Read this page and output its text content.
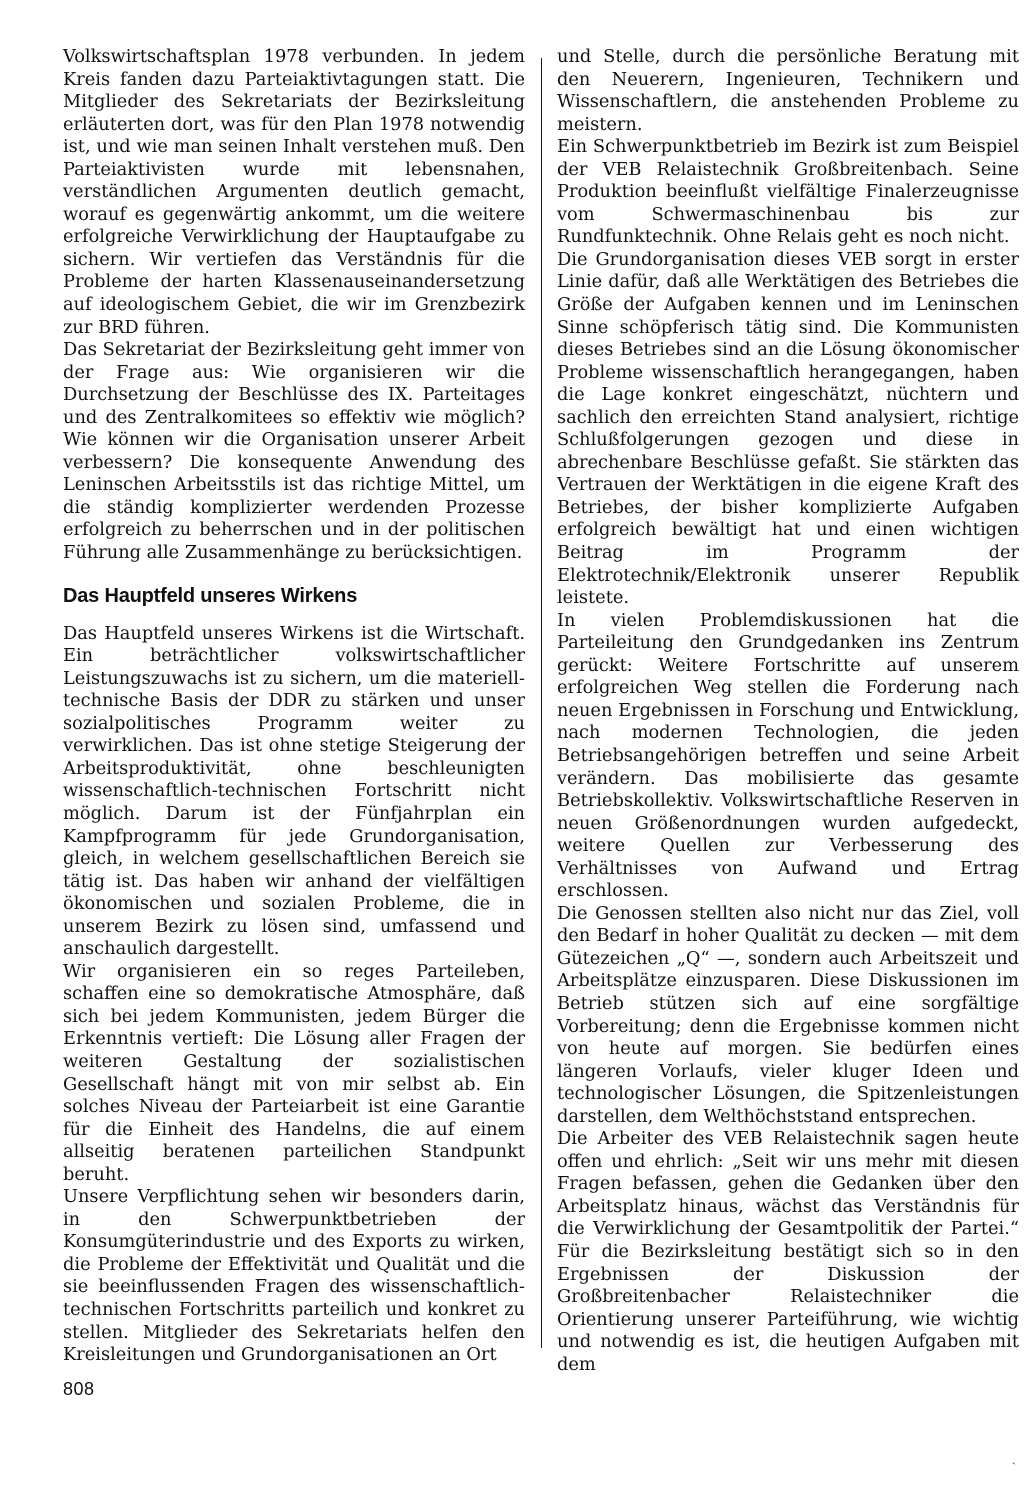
Volkswirtschaftsplan 1978 verbunden. In jedem Kreis fanden dazu Parteiaktivtagungen statt. Die Mitglieder des Sekretariats der Bezirksleitung erläuterten dort, was für den Plan 1978 notwendig ist, und wie man seinen Inhalt verstehen muß. Den Parteiaktivisten wurde mit lebensnahen, verständlichen Argumenten deutlich gemacht, worauf es gegenwärtig ankommt, um die weitere erfolgreiche Verwirklichung der Hauptaufgabe zu sichern. Wir vertiefen das Verständnis für die Probleme der harten Klassenauseinandersetzung auf ideologischem Gebiet, die wir im Grenzbezirk zur BRD führen.

Das Sekretariat der Bezirksleitung geht immer von der Frage aus: Wie organisieren wir die Durchsetzung der Beschlüsse des IX. Parteitages und des Zentralkomitees so effektiv wie möglich? Wie können wir die Organisation unserer Arbeit verbessern? Die konsequente Anwendung des Leninschen Arbeitsstils ist das richtige Mittel, um die ständig komplizierter werdenden Prozesse erfolgreich zu beherrschen und in der politischen Führung alle Zusammenhänge zu berücksichtigen.

Das Hauptfeld unseres Wirkens

Das Hauptfeld unseres Wirkens ist die Wirtschaft. Ein beträchtlicher volkswirtschaftlicher Leistungszuwachs ist zu sichern, um die materiell-technische Basis der DDR zu stärken und unser sozialpolitisches Programm weiter zu verwirklichen. Das ist ohne stetige Steigerung der Arbeitsproduktivität, ohne beschleunigten wissenschaftlich-technischen Fortschritt nicht möglich. Darum ist der Fünfjahrplan ein Kampfprogramm für jede Grundorganisation, gleich, in welchem gesellschaftlichen Bereich sie tätig ist. Das haben wir anhand der vielfältigen ökonomischen und sozialen Probleme, die in unserem Bezirk zu lösen sind, umfassend und anschaulich dargestellt.

Wir organisieren ein so reges Parteileben, schaffen eine so demokratische Atmosphäre, daß sich bei jedem Kommunisten, jedem Bürger die Erkenntnis vertieft: Die Lösung aller Fragen der weiteren Gestaltung der sozialistischen Gesellschaft hängt mit von mir selbst ab. Ein solches Niveau der Parteiarbeit ist eine Garantie für die Einheit des Handelns, die auf einem allseitig beratenen parteilichen Standpunkt beruht.

Unsere Verpflichtung sehen wir besonders darin, in den Schwerpunktbetrieben der Konsumgüterindustrie und des Exports zu wirken, die Probleme der Effektivität und Qualität und die sie beeinflussenden Fragen des wissenschaftlich-technischen Fortschritts parteilich und konkret zu stellen. Mitglieder des Sekretariats helfen den Kreisleitungen und Grundorganisationen an Ort

und Stelle, durch die persönliche Beratung mit den Neuerern, Ingenieuren, Technikern und Wissenschaftlern, die anstehenden Probleme zu meistern.

Ein Schwerpunktbetrieb im Bezirk ist zum Beispiel der VEB Relaistechnik Großbreitenbach. Seine Produktion beeinflußt vielfältige Finalerzeugnisse vom Schwermaschinenbau bis zur Rundfunktechnik. Ohne Relais geht es noch nicht.

Die Grundorganisation dieses VEB sorgt in erster Linie dafür, daß alle Werktätigen des Betriebes die Größe der Aufgaben kennen und im Leninschen Sinne schöpferisch tätig sind. Die Kommunisten dieses Betriebes sind an die Lösung ökonomischer Probleme wissenschaftlich herangegangen, haben die Lage konkret eingeschätzt, nüchtern und sachlich den erreichten Stand analysiert, richtige Schlußfolgerungen gezogen und diese in abrechenbare Beschlüsse gefaßt. Sie stärkten das Vertrauen der Werktätigen in die eigene Kraft des Betriebes, der bisher komplizierte Aufgaben erfolgreich bewältigt hat und einen wichtigen Beitrag im Programm der Elektrotechnik/Elektronik unserer Republik leistete.

In vielen Problemdiskussionen hat die Parteileitung den Grundgedanken ins Zentrum gerückt: Weitere Fortschritte auf unserem erfolgreichen Weg stellen die Forderung nach neuen Ergebnissen in Forschung und Entwicklung, nach modernen Technologien, die jeden Betriebsangehörigen betreffen und seine Arbeit verändern. Das mobilisierte das gesamte Betriebskollektiv. Volkswirtschaftliche Reserven in neuen Größenordnungen wurden aufgedeckt, weitere Quellen zur Verbesserung des Verhältnisses von Aufwand und Ertrag erschlossen.

Die Genossen stellten also nicht nur das Ziel, voll den Bedarf in hoher Qualität zu decken — mit dem Gütezeichen „Q“ —, sondern auch Arbeitszeit und Arbeitsplätze einzusparen. Diese Diskussionen im Betrieb stützen sich auf eine sorgfältige Vorbereitung; denn die Ergebnisse kommen nicht von heute auf morgen. Sie bedürfen eines längeren Vorlaufs, vieler kluger Ideen und technologischer Lösungen, die Spitzenleistungen darstellen, dem Welthöchststand entsprechen.

Die Arbeiter des VEB Relaistechnik sagen heute offen und ehrlich: „Seit wir uns mehr mit diesen Fragen befassen, gehen die Gedanken über den Arbeitsplatz hinaus, wächst das Verständnis für die Verwirklichung der Gesamtpolitik der Partei.“ Für die Bezirksleitung bestätigt sich so in den Ergebnissen der Diskussion der Großbreitenbacher Relaistechniker die Orientierung unserer Parteiführung, wie wichtig und notwendig es ist, die heutigen Aufgaben mit dem

808
ˎ
